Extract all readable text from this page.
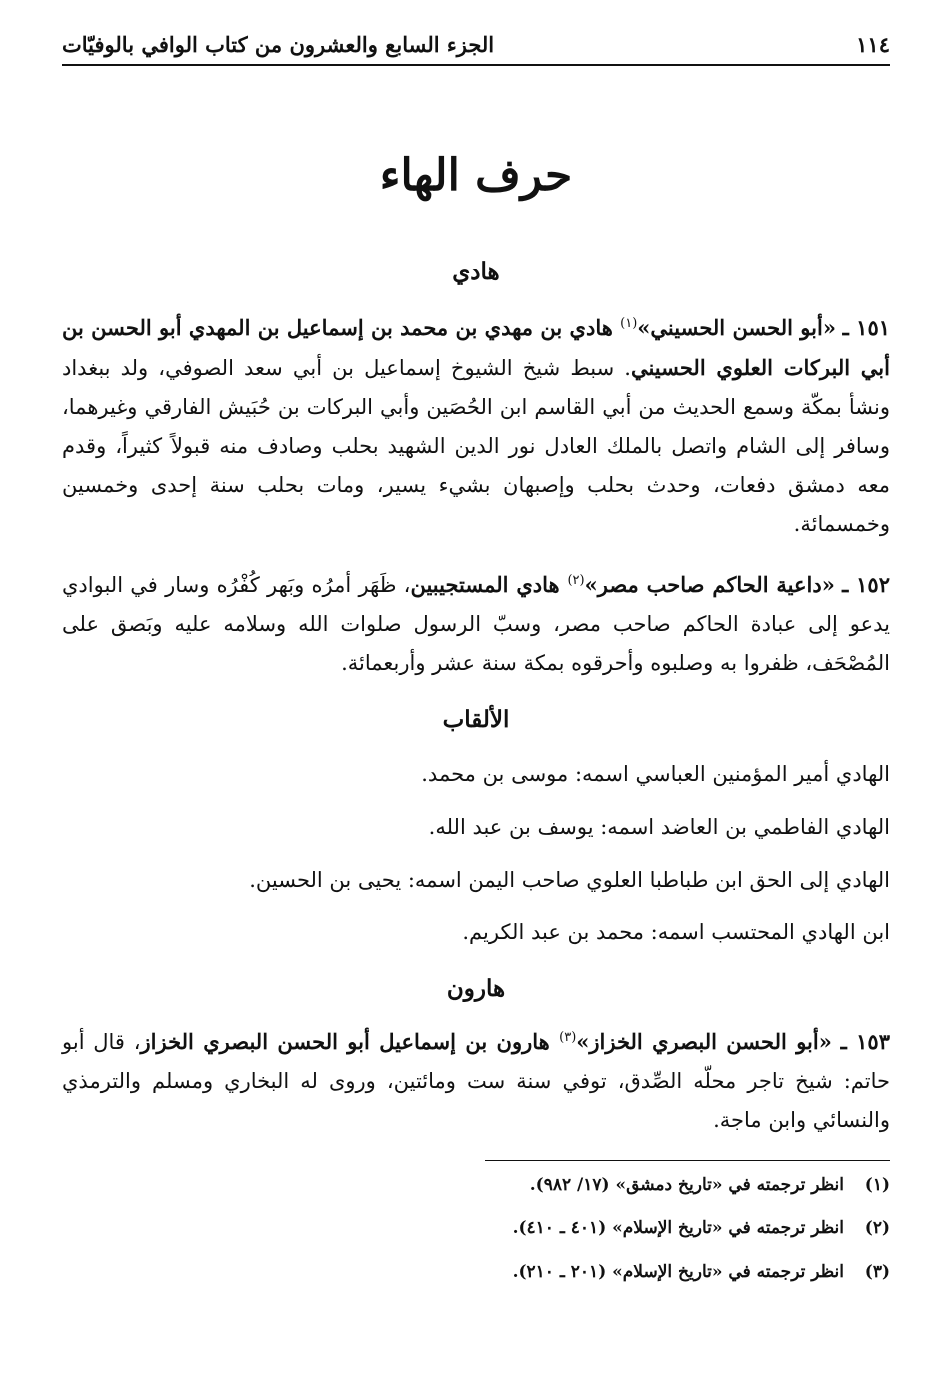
١١٤
الجزء السابع والعشرون من كتاب الوافي بالوفيّات
حرف الهاء
هادي
١٥١ ـ «أبو الحسن الحسيني»$^{(١)}$ هادي بن مهدي بن محمد بن إسماعيل بن المهدي أبو الحسن بن أبي البركات العلوي الحسيني. سبط شيخ الشيوخ إسماعيل بن أبي سعد الصوفي، ولد ببغداد ونشأ بمكّة وسمع الحديث من أبي القاسم ابن الحُصَين وأبي البركات بن حُبَيش الفارقي وغيرهما، وسافر إلى الشام واتصل بالملك العادل نور الدين الشهيد بحلب وصادف منه قبولاً كثيراً، وقدم معه دمشق دفعات، وحدث بحلب وإصبهان بشيء يسير، ومات بحلب سنة إحدى وخمسين وخمسمائة.
١٥٢ ـ «داعية الحاكم صاحب مصر»$^{(٢)}$ هادي المستجيبين، ظَهَر أمرُه وبَهر كُفْرُه وسار في البوادي يدعو إلى عبادة الحاكم صاحب مصر، وسبّ الرسول صلوات الله وسلامه عليه وبَصق على المُصْحَف، ظفروا به وصلبوه وأحرقوه بمكة سنة عشر وأربعمائة.
الألقاب
الهادي أمير المؤمنين العباسي اسمه: موسى بن محمد.
الهادي الفاطمي بن العاضد اسمه: يوسف بن عبد الله.
الهادي إلى الحق ابن طباطبا العلوي صاحب اليمن اسمه: يحيى بن الحسين.
ابن الهادي المحتسب اسمه: محمد بن عبد الكريم.
هارون
١٥٣ ـ «أبو الحسن البصري الخزاز»$^{(٣)}$ هارون بن إسماعيل أبو الحسن البصري الخزاز، قال أبو حاتم: شيخ تاجر محلّه الصِّدق، توفي سنة ست ومائتين، وروى له البخاري ومسلم والترمذي والنسائي وابن ماجة.
(١)انظر ترجمته في «تاريخ دمشق» (١٧/ ٩٨٢).
(٢)انظر ترجمته في «تاريخ الإسلام» (٤٠١ ـ ٤١٠).
(٣)انظر ترجمته في «تاريخ الإسلام» (٢٠١ ـ ٢١٠).
